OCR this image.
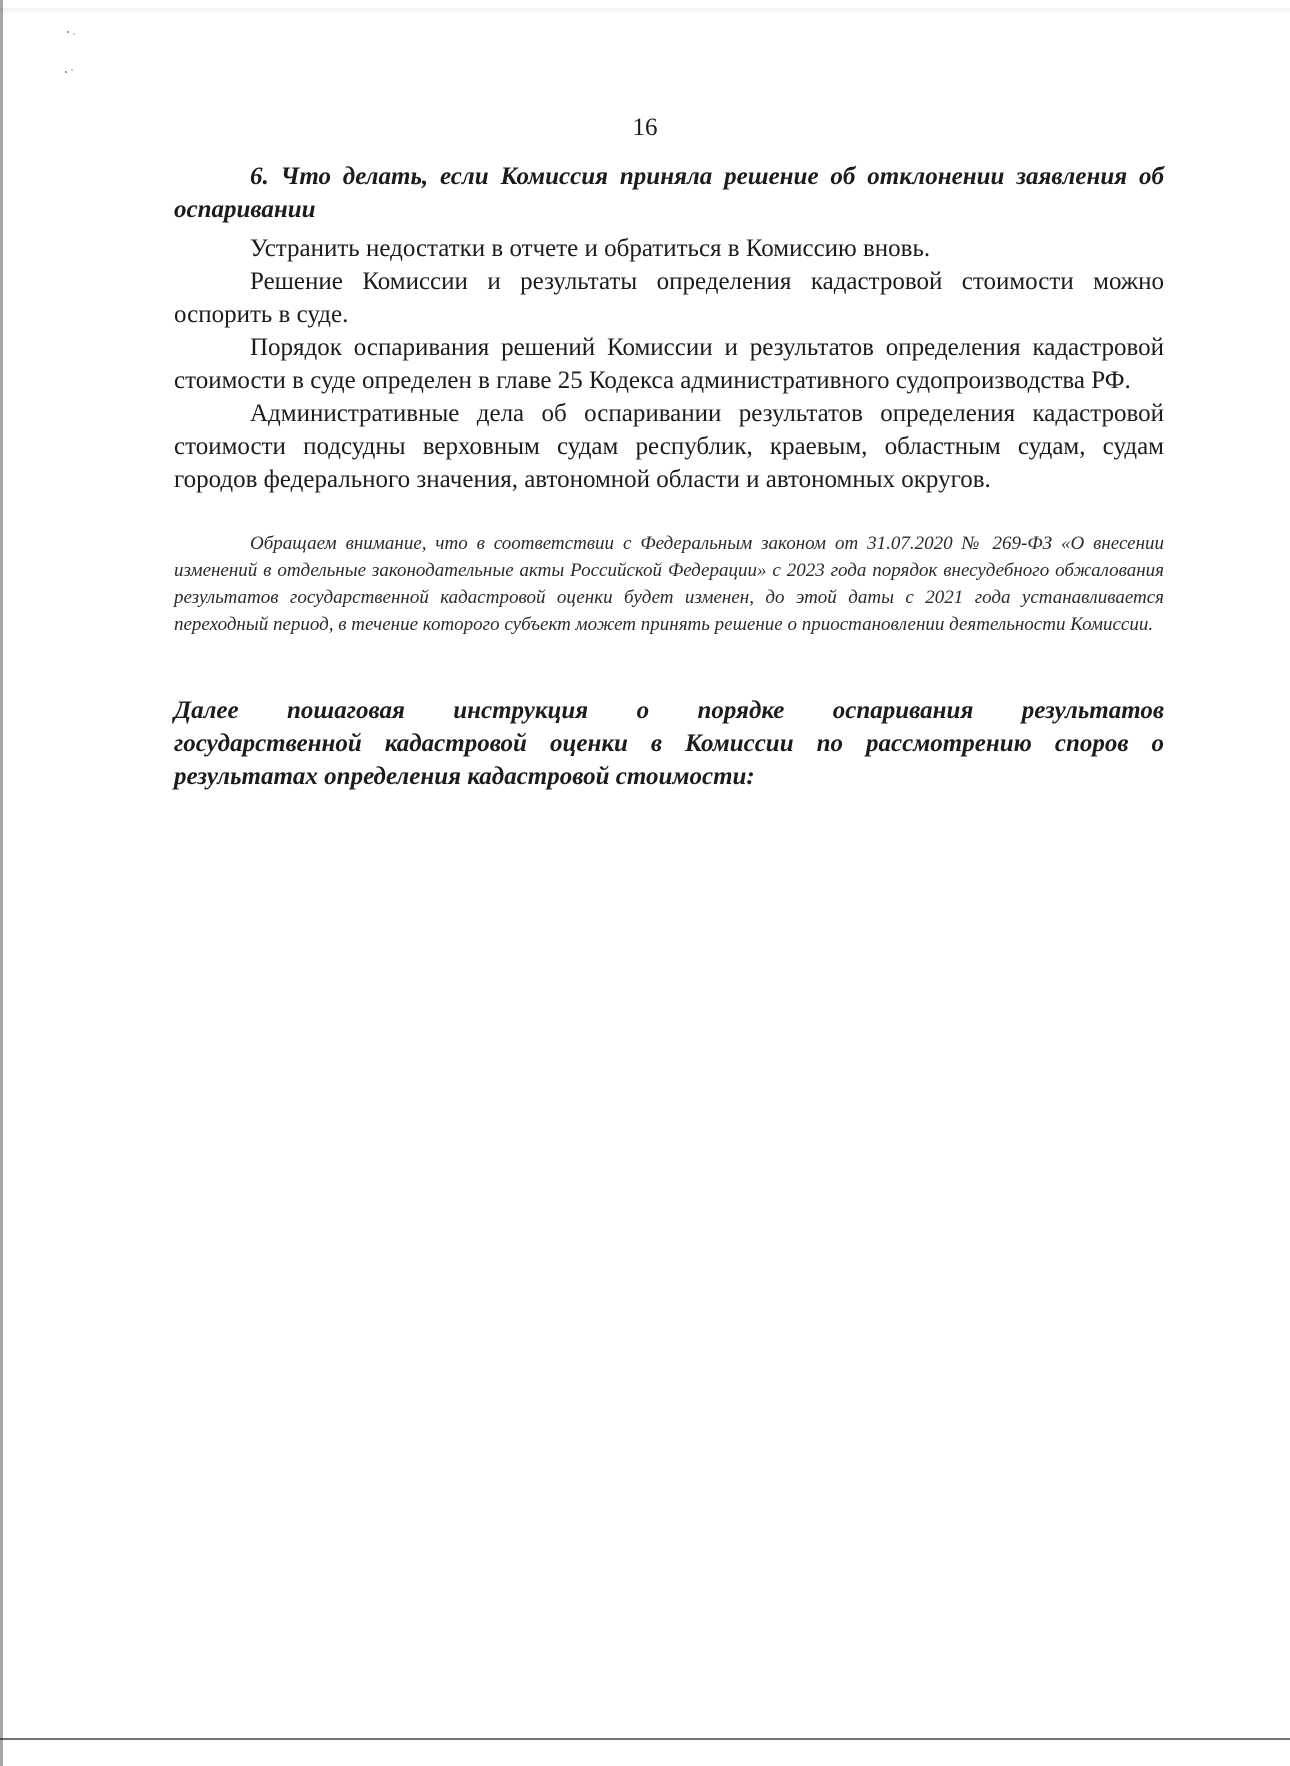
16

6. Что делать, если Комиссия приняла решение об отклонении заявления об оспаривании

Устранить недостатки в отчете и обратиться в Комиссию вновь.

Решение Комиссии и результаты определения кадастровой стоимости можно оспорить в суде.

Порядок оспаривания решений Комиссии и результатов определения кадастровой стоимости в суде определен в главе 25 Кодекса административного судопроизводства РФ.

Административные дела об оспаривании результатов определения кадастровой стоимости подсудны верховным судам республик, краевым, областным судам, судам городов федерального значения, автономной области и автономных округов.

Обращаем внимание, что в соответствии с Федеральным законом от 31.07.2020 № 269-ФЗ «О внесении изменений в отдельные законодательные акты Российской Федерации» с 2023 года порядок внесудебного обжалования результатов государственной кадастровой оценки будет изменен, до этой даты с 2021 года устанавливается переходный период, в течение которого субъект может принять решение о приостановлении деятельности Комиссии.

Далее пошаговая инструкция о порядке оспаривания результатов
государственной кадастровой оценки в Комиссии по рассмотрению споров о
результатах определения кадастровой стоимости:
